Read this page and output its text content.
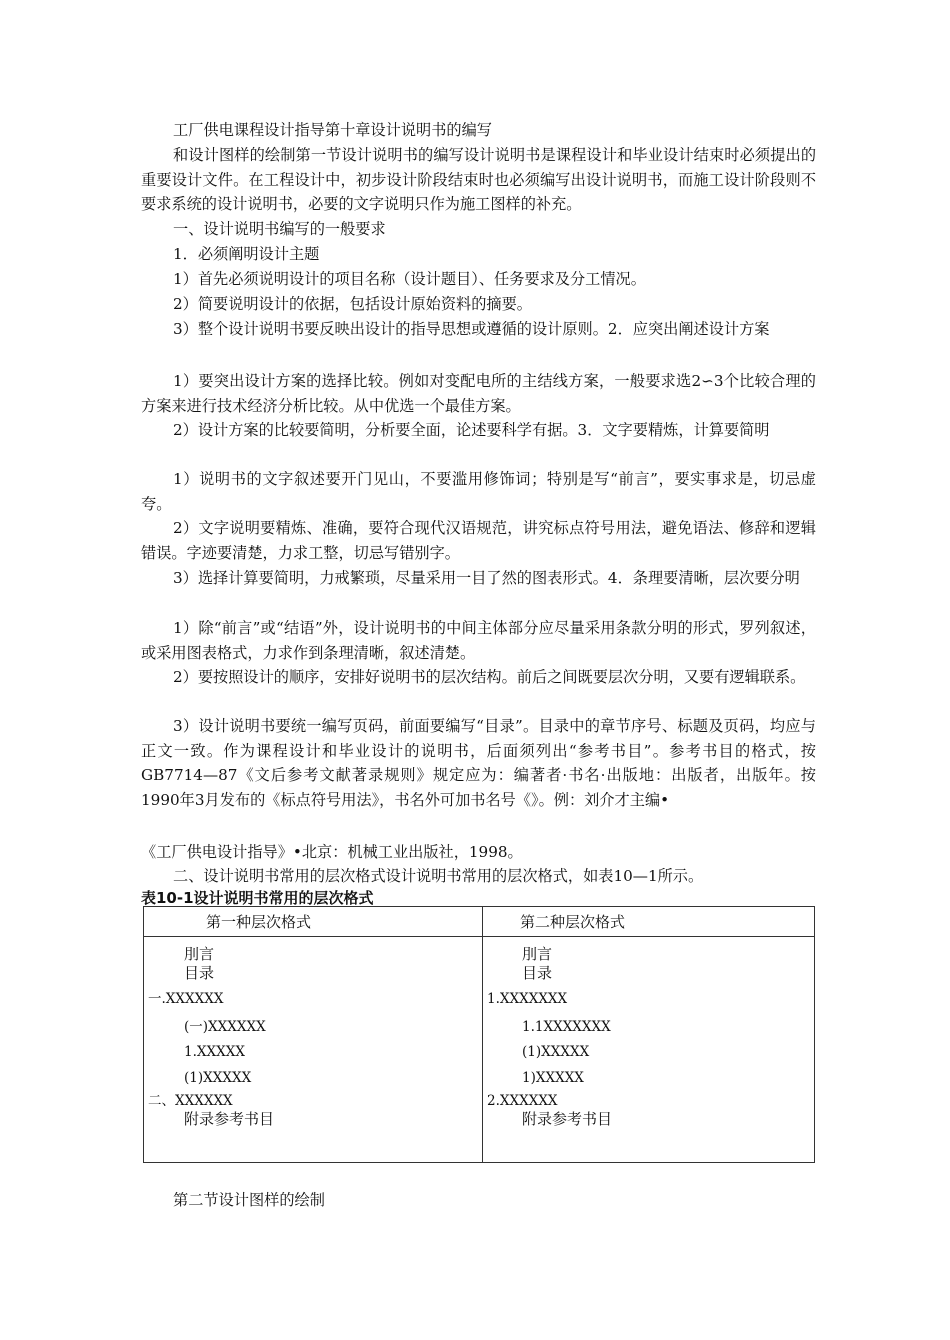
工厂供电课程设计指导第十章设计说明书的编写

和设计图样的绘制第一节设计说明书的编写设计说明书是课程设计和毕业设计结束时必须提出的重要设计文件。在工程设计中，初步设计阶段结束时也必须编写出设计说明书，而施工设计阶段则不要求系统的设计说明书，必要的文字说明只作为施工图样的补充。

一、设计说明书编写的一般要求

1．必须阐明设计主题

1）首先必须说明设计的项目名称（设计题目）、任务要求及分工情况。

2）简要说明设计的依据，包括设计原始资料的摘要。

3）整个设计说明书要反映出设计的指导思想或遵循的设计原则。2．应突出阐述设计方案

1）要突出设计方案的选择比较。例如对变配电所的主结线方案，一般要求选2∽3个比较合理的方案来进行技术经济分析比较。从中优选一个最佳方案。

2）设计方案的比较要简明，分析要全面，论述要科学有据。3．文字要精炼，计算要简明

1）说明书的文字叙述要开门见山，不要滥用修饰词；特别是写“前言”，要实事求是，切忌虚夸。

2）文字说明要精炼、准确，要符合现代汉语规范，讲究标点符号用法，避免语法、修辞和逻辑错误。字迹要清楚，力求工整，切忌写错别字。

3）选择计算要简明，力戒繁琐，尽量采用一目了然的图表形式。4．条理要清晰，层次要分明

1）除“前言”或“结语”外，设计说明书的中间主体部分应尽量采用条款分明的形式，罗列叙述，或采用图表格式，力求作到条理清晰，叙述清楚。

2）要按照设计的顺序，安排好说明书的层次结构。前后之间既要层次分明，又要有逻辑联系。

3）设计说明书要统一编写页码，前面要编写“目录”。目录中的章节序号、标题及页码，均应与正文一致。作为课程设计和毕业设计的说明书，后面须列出“参考书目”。参考书目的格式，按GB7714—87《文后参考文献著录规则》规定应为：编著者·书名·出版地：出版者，出版年。按1990年3月发布的《标点符号用法》，书名外可加书名号《》。例：刘介才主编•

《工厂供电设计指导》•北京：机械工业出版社，1998。

二、设计说明书常用的层次格式设计说明书常用的层次格式，如表10—1所示。

表10-1设计说明书常用的层次格式
第一种层次格式	第二种层次格式
刖言
目录
一.XXXXXX
(一)XXXXXX
1.XXXXX
(1)XXXXX
二、XXXXXX
附录参考书目
刖言
目录
1.XXXXXXX
1.1XXXXXXX
(1)XXXXX
1)XXXXX
2.XXXXXX
附录参考书目

第二节设计图样的绘制
